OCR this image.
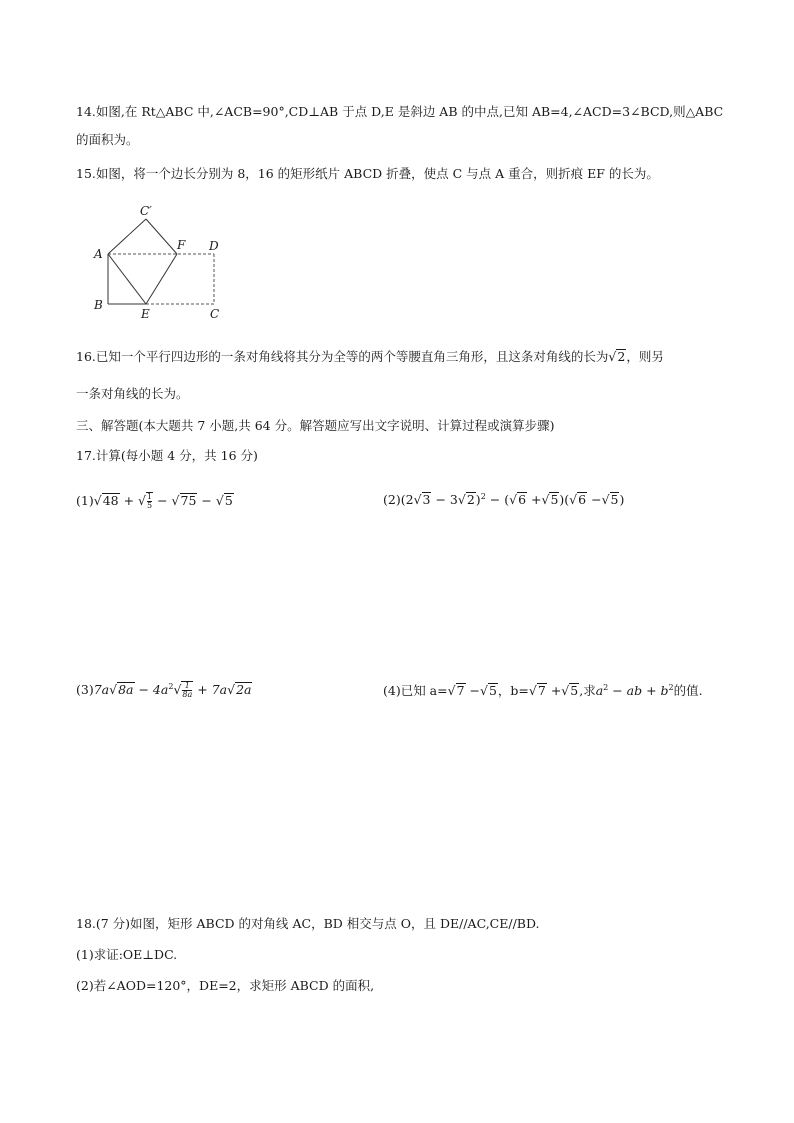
14.如图,在 Rt△ABC 中,∠ACB=90°,CD⊥AB 于点 D,E 是斜边 AB 的中点,已知 AB=4,∠ACD=3∠BCD,则△ABC
的面积为。
15.如图，将一个边长分别为 8，16 的矩形纸片 ABCD 折叠，使点 C 与点 A 重合，则折痕 EF 的长为。
C′
A
F D
B
E	C
16.已知一个平行四边形的一条对角线将其分为全等的两个等腰直角三角形，且这条对角线的长为√2，则另
一条对角线的长为。
三、解答题(本大题共 7 小题,共 64 分。解答题应写出文字说明、计算过程或演算步骤)
17.计算(每小题 4 分，共 16 分)
(1)√48 + √ $\frac{1}{5} - √75 - √5$	$(2)(2√3 - 3√2)^2 - (√6 +√5)(√6 -√5)$
$(3)7a√8a - 4a^2√ \frac{1}{8a} + 7a√2a$	(4)已知 a=√7 −√5，b=√7 +√5,求$a^2$ − ab + $b^2$的值.
18.(7 分)如图，矩形 ABCD 的对角线 AC，BD 相交与点 O，且 DE//AC,CE//BD.
(1)求证:OE⊥DC.
(2)若∠AOD=120°，DE=2，求矩形 ABCD 的面积,
